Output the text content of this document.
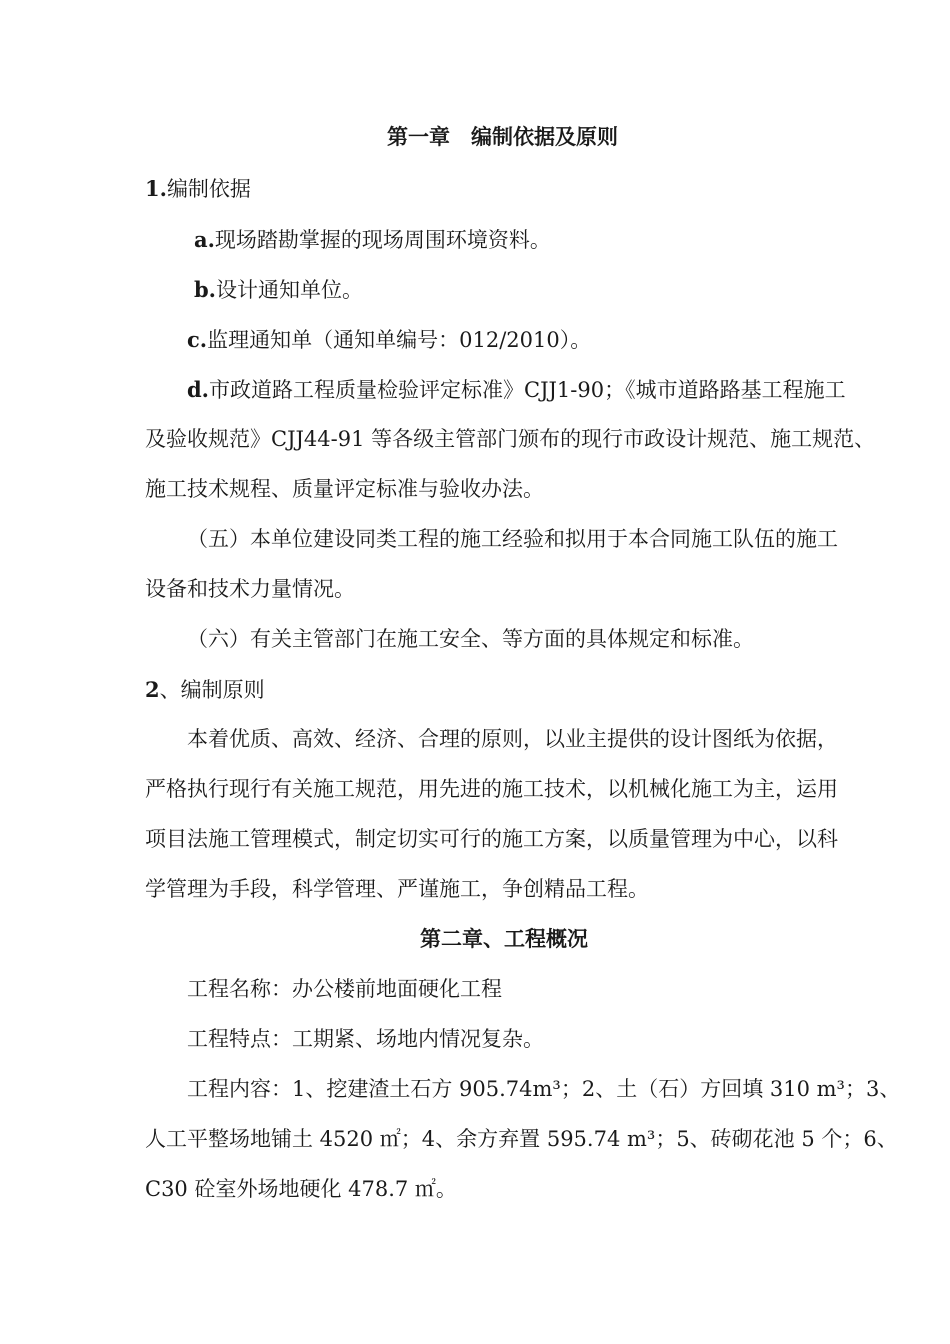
第一章　编制依据及原则
1.编制依据
a.现场踏勘掌握的现场周围环境资料。
b.设计通知单位。
c.监理通知单（通知单编号：012/2010）。
d.市政道路工程质量检验评定标准》CJJ1-90；《城市道路路基工程施工
及验收规范》CJJ44-91 等各级主管部门颁布的现行市政设计规范、施工规范、
施工技术规程、质量评定标准与验收办法。
（五）本单位建设同类工程的施工经验和拟用于本合同施工队伍的施工
设备和技术力量情况。
（六）有关主管部门在施工安全、等方面的具体规定和标准。
2、编制原则
本着优质、高效、经济、合理的原则，以业主提供的设计图纸为依据，
严格执行现行有关施工规范，用先进的施工技术，以机械化施工为主，运用
项目法施工管理模式，制定切实可行的施工方案，以质量管理为中心，以科
学管理为手段，科学管理、严谨施工，争创精品工程。
第二章、工程概况
工程名称：办公楼前地面硬化工程
工程特点：工期紧、场地内情况复杂。
工程内容：1、挖建渣土石方 905.74m³；2、土（石）方回填 310 m³；3、
人工平整场地铺土 4520 ㎡；4、余方弃置 595.74 m³；5、砖砌花池 5 个；6、
C30 砼室外场地硬化 478.7 ㎡。
